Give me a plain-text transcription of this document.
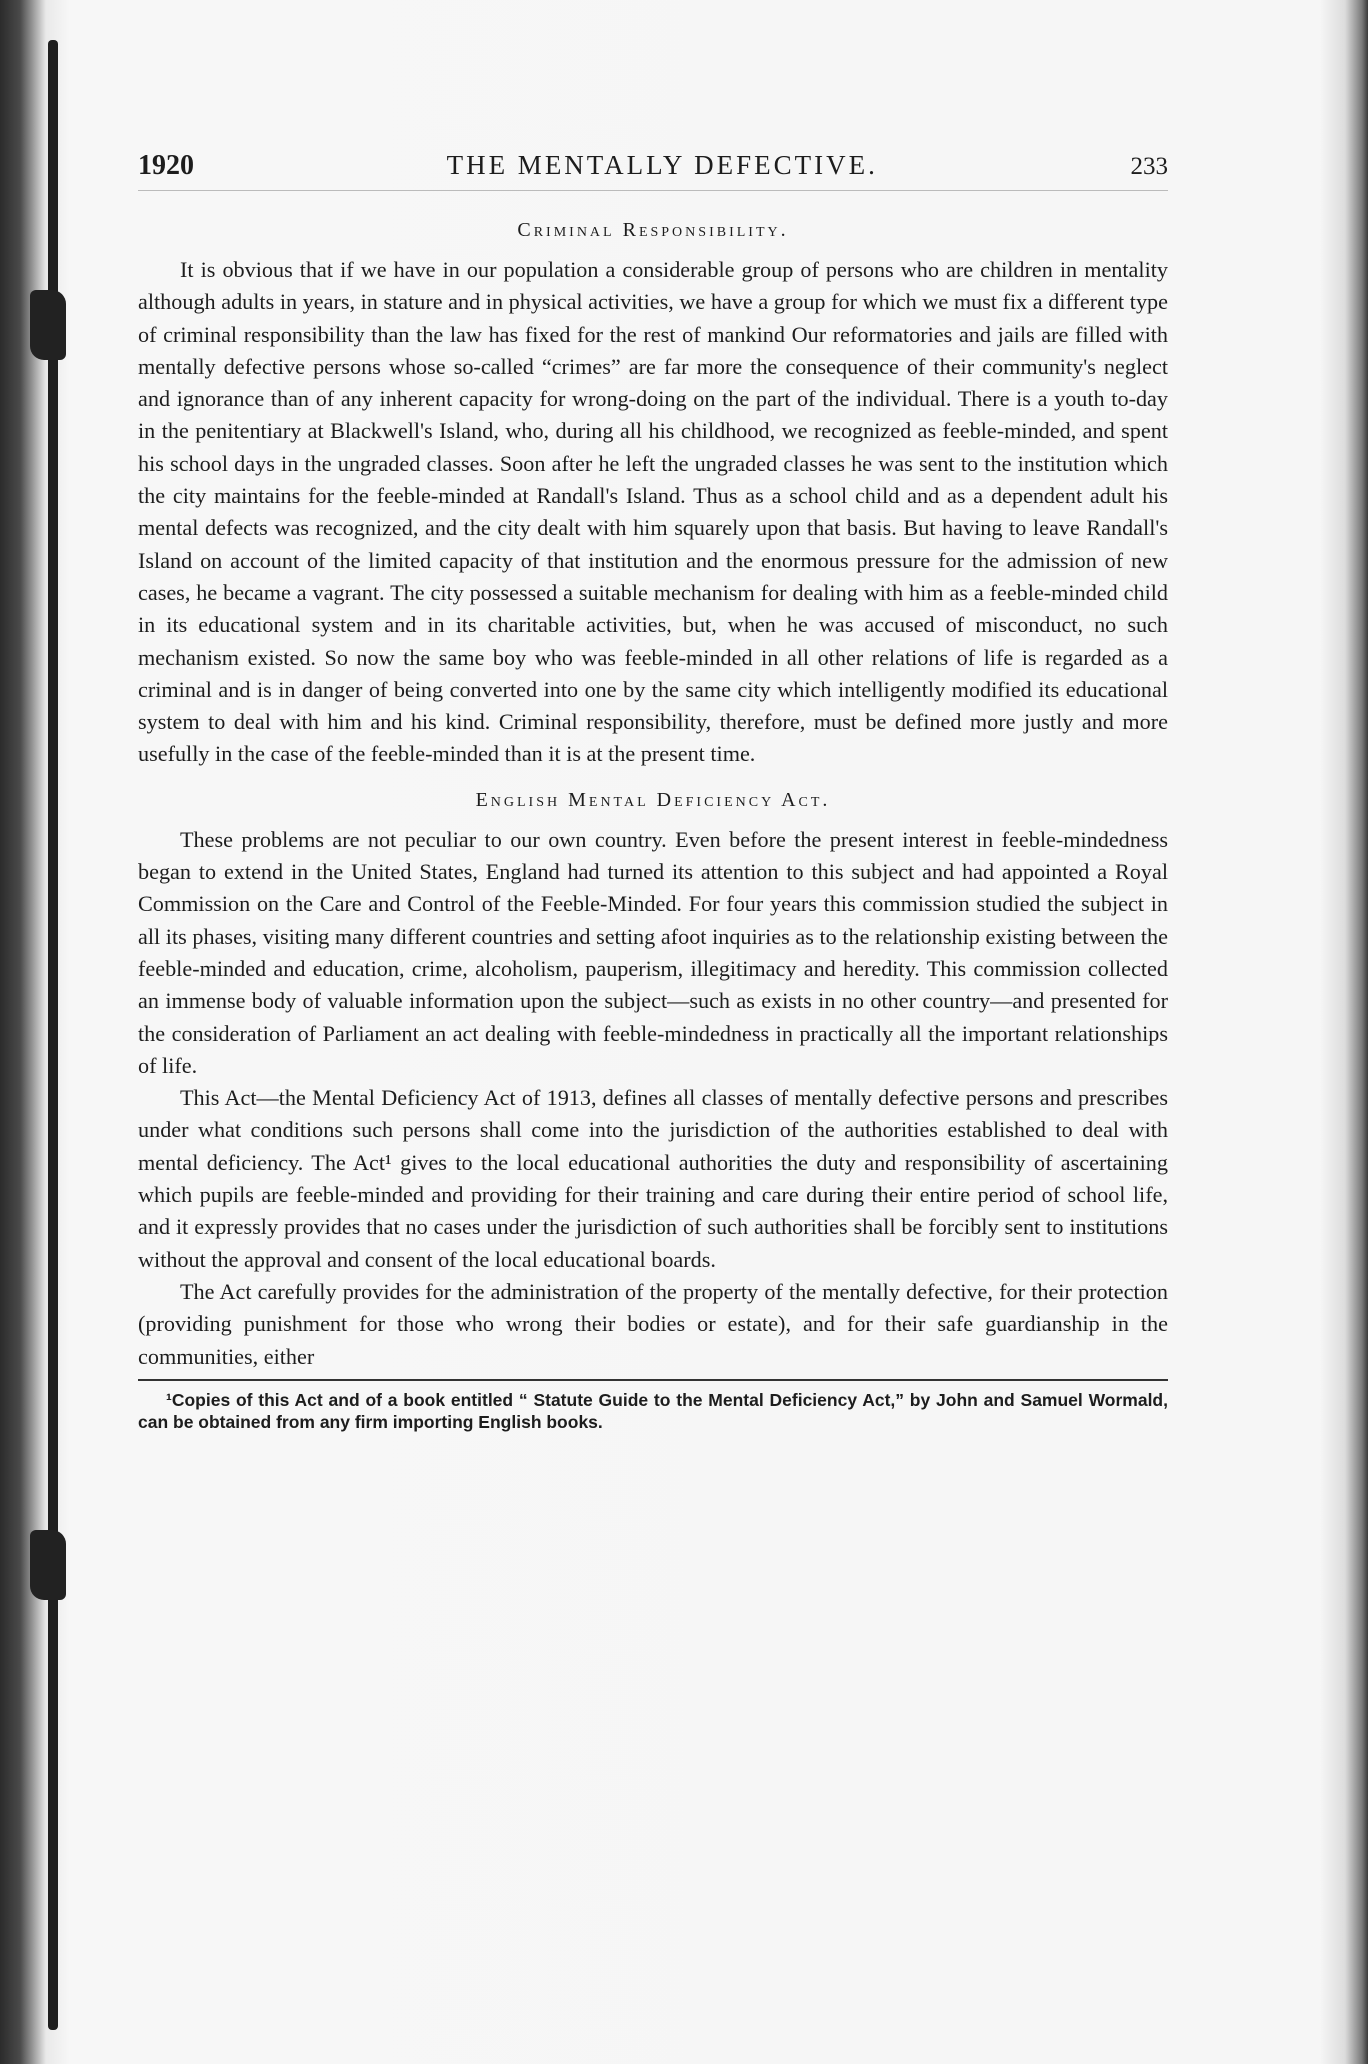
1920	THE MENTALLY DEFECTIVE.	233
Criminal Responsibility.

It is obvious that if we have in our population a considerable group of persons who are children in mentality although adults in years, in stature and in physical activities, we have a group for which we must fix a different type of criminal responsibility than the law has fixed for the rest of mankind Our reformatories and jails are filled with mentally defective persons whose so-called “crimes” are far more the consequence of their community's neglect and ignorance than of any inherent capacity for wrong-doing on the part of the individual. There is a youth to-day in the penitentiary at Blackwell's Island, who, during all his childhood, we recognized as feeble-minded, and spent his school days in the ungraded classes. Soon after he left the ungraded classes he was sent to the institution which the city maintains for the feeble-minded at Randall's Island. Thus as a school child and as a dependent adult his mental defects was recognized, and the city dealt with him squarely upon that basis. But having to leave Randall's Island on account of the limited capacity of that institution and the enormous pressure for the admission of new cases, he became a vagrant. The city possessed a suitable mechanism for dealing with him as a feeble-minded child in its educational system and in its charitable activities, but, when he was accused of misconduct, no such mechanism existed. So now the same boy who was feeble-minded in all other relations of life is regarded as a criminal and is in danger of being converted into one by the same city which intelligently modified its educational system to deal with him and his kind. Criminal responsibility, therefore, must be defined more justly and more usefully in the case of the feeble-minded than it is at the present time.

English Mental Deficiency Act.

These problems are not peculiar to our own country. Even before the present interest in feeble-mindedness began to extend in the United States, England had turned its attention to this subject and had appointed a Royal Commission on the Care and Control of the Feeble-Minded. For four years this commission studied the subject in all its phases, visiting many different countries and setting afoot inquiries as to the relationship existing between the feeble-minded and education, crime, alcoholism, pauperism, illegitimacy and heredity. This commission collected an immense body of valuable information upon the subject—such as exists in no other country—and presented for the consideration of Parliament an act dealing with feeble-mindedness in practically all the important relationships of life.

This Act—the Mental Deficiency Act of 1913, defines all classes of mentally defective persons and prescribes under what conditions such persons shall come into the jurisdiction of the authorities established to deal with mental deficiency. The Act¹ gives to the local educational authorities the duty and responsibility of ascertaining which pupils are feeble-minded and providing for their training and care during their entire period of school life, and it expressly provides that no cases under the jurisdiction of such authorities shall be forcibly sent to institutions without the approval and consent of the local educational boards.

The Act carefully provides for the administration of the property of the mentally defective, for their protection (providing punishment for those who wrong their bodies or estate), and for their safe guardianship in the communities, either

¹Copies of this Act and of a book entitled “ Statute Guide to the Mental Deficiency Act,” by John and Samuel Wormald, can be obtained from any firm importing English books.
